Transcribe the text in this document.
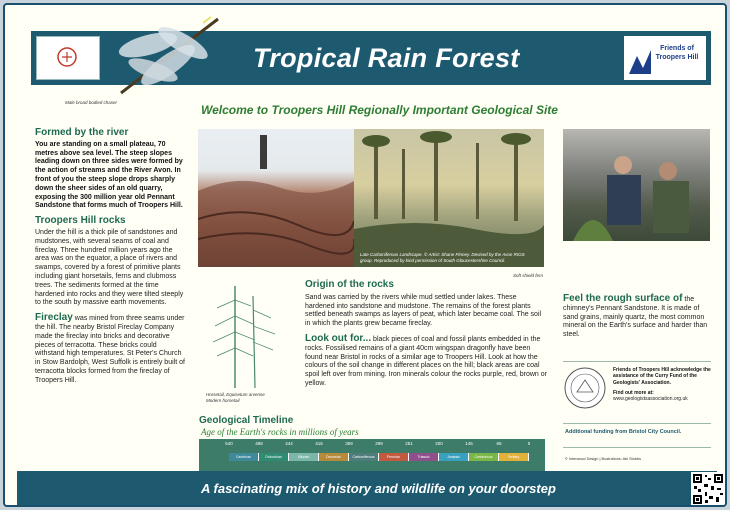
Tropical Rain Forest	Friends of Troopers Hill
Male broad bodied chaser
Welcome to Troopers Hill Regionally Important Geological Site
Formed by the river

You are standing on a small plateau, 70 metres above sea level. The steep slopes leading down on three sides were formed by the action of streams and the River Avon. In front of you the steep slope drops sharply down the sheer sides of an old quarry, exposing the 300 million year old Pennant Sandstone that forms much of Troopers Hill.

Troopers Hill rocks

Under the hill is a thick pile of sandstones and mudstones, with several seams of coal and fireclay. Three hundred million years ago the area was on the equator, a place of rivers and swamps, covered by a forest of primitive plants including giant horsetails, ferns and clubmoss trees. The sediments formed at the time hardened into rocks and they were tilted steeply to the south by massive earth movements.

Fireclay was mined from three seams under the hill. The nearby Bristol Fireclay Company made the fireclay into bricks and decorative pieces of terracotta. These bricks could withstand high temperatures. St Peter's Church in Stow Bardolph, West Suffolk is entirely built of terracotta blocks formed from the fireclay of Troopers Hill.

Late Carboniferous Landscape. © Artist: Shane Pinney. Devised by the Avon RIGS group. Reproduced by kind permission of South Gloucestershire Council.
Soft shield fern
Horsetail, Equisetum arvense
Modern horsetail
Origin of the rocks

Sand was carried by the rivers while mud settled under lakes. These hardened into sandstone and mudstone. The remains of the forest plants settled beneath swamps as layers of peat, which later became coal. The soil in which the plants grew became fireclay.

Look out for... black pieces of coal and fossil plants embedded in the rocks. Fossilised remains of a giant 40cm wingspan dragonfly have been found near Bristol in rocks of a similar age to Troopers Hill. Look at how the colours of the soil change in different places on the hill; black areas are coal spoil left over from mining. Iron minerals colour the rocks purple, red, brown or yellow.

Feel the rough surface of the chimney's Pennant Sandstone. It is made of sand grains, mainly quartz, the most common mineral on the Earth's surface and harder than steel.
Friends of Troopers Hill acknowledge the assistance of the Curry Fund of the Geologists' Association.
Find out more at:
www.geologistsassociation.org.uk
Additional funding from Bristol City Council.
© Interwood Design | Illustrations: Abi Stubbs
Geological Timeline
Age of the Earth's rocks in millions of years
540	488	444	416	359	299	251	200	145	65	0
Cambrian	Ordovician	Silurian	Devonian	Carboniferous	Permian	Triassic	Jurassic	Cretaceous	Tertiary
A fascinating mix of history and wildlife on your doorstep
